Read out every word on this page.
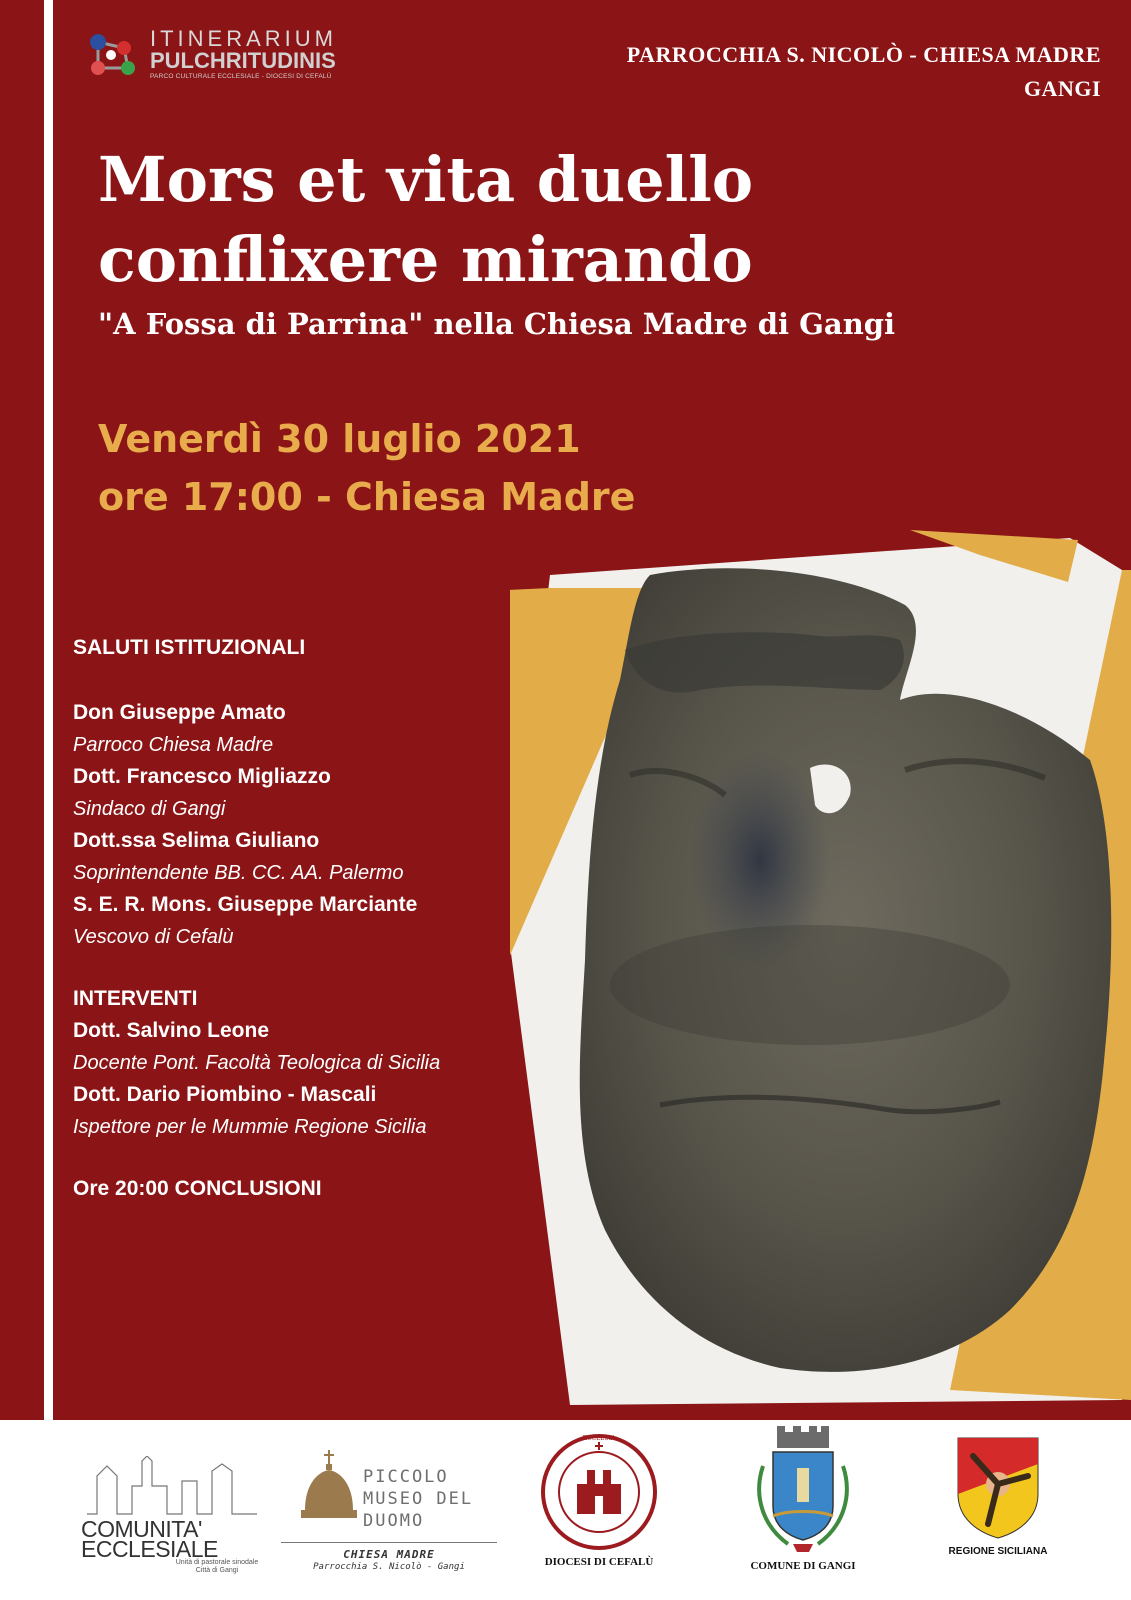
ITINERARIUM
PULCHRITUDINIS
PARCO CULTURALE ECCLESIALE - DIOCESI DI CEFALÙ
PARROCCHIA S. NICOLÒ - CHIESA MADRE
GANGI
Mors et vita duello
conflixere mirando
"A Fossa di Parrina" nella Chiesa Madre di Gangi
Venerdì 30 luglio 2021
ore 17:00 - Chiesa Madre
SALUTI ISTITUZIONALI
Don Giuseppe Amato
Parroco Chiesa Madre
Dott. Francesco Migliazzo
Sindaco di Gangi
Dott.ssa Selima Giuliano
Soprintendente BB. CC. AA. Palermo
S. E. R. Mons. Giuseppe Marciante
Vescovo di Cefalù
INTERVENTI
Dott. Salvino Leone
Docente Pont. Facoltà Teologica di Sicilia
Dott. Dario Piombino - Mascali
Ispettore per le Mummie Regione Sicilia
Ore 20:00 CONCLUSIONI
COMUNITA'
ECCLESIALE
Unità di pastorale sinodale
Città di Gangi
PICCOLO
MUSEO DEL
DUOMO
CHIESA MADRE
Parrocchia S. Nicolò - Gangi
ECCLESIA
DIOCESI DI CEFALÙ	COMUNE DI GANGI
REGIONE SICILIANA
